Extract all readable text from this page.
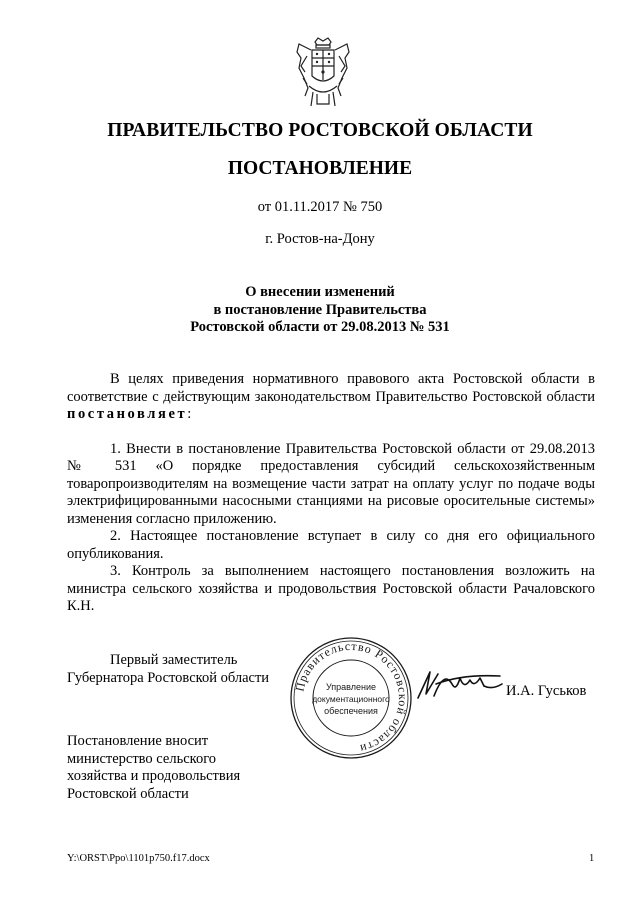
ПРАВИТЕЛЬСТВО РОСТОВСКОЙ ОБЛАСТИ
ПОСТАНОВЛЕНИЕ
от 01.11.2017 № 750
г. Ростов-на-Дону
О внесении изменений
в постановление Правительства
Ростовской области от 29.08.2013 № 531

В целях приведения нормативного правового акта Ростовской области в соответствие с действующим законодательством Правительство Ростовской области постановляет:

1. Внести в постановление Правительства Ростовской области от 29.08.2013 № 531 «О порядке предоставления субсидий сельскохозяйственным товаропроизводителям на возмещение части затрат на оплату услуг по подаче воды электрифицированными насосными станциями на рисовые оросительные системы» изменения согласно приложению.

2. Настоящее постановление вступает в силу со дня его официального опубликования.

3. Контроль за выполнением настоящего постановления возложить на министра сельского хозяйства и продовольствия Ростовской области Рачаловского К.Н.

Первый заместитель
Губернатора Ростовской области
Правительство Ростовской области
Управление
документационного
обеспечения
И.А. Гуськов
Постановление вносит
министерство сельского
хозяйства и продовольствия
Ростовской области
Y:\ORST\Ppo\1101p750.f17.docx	1
